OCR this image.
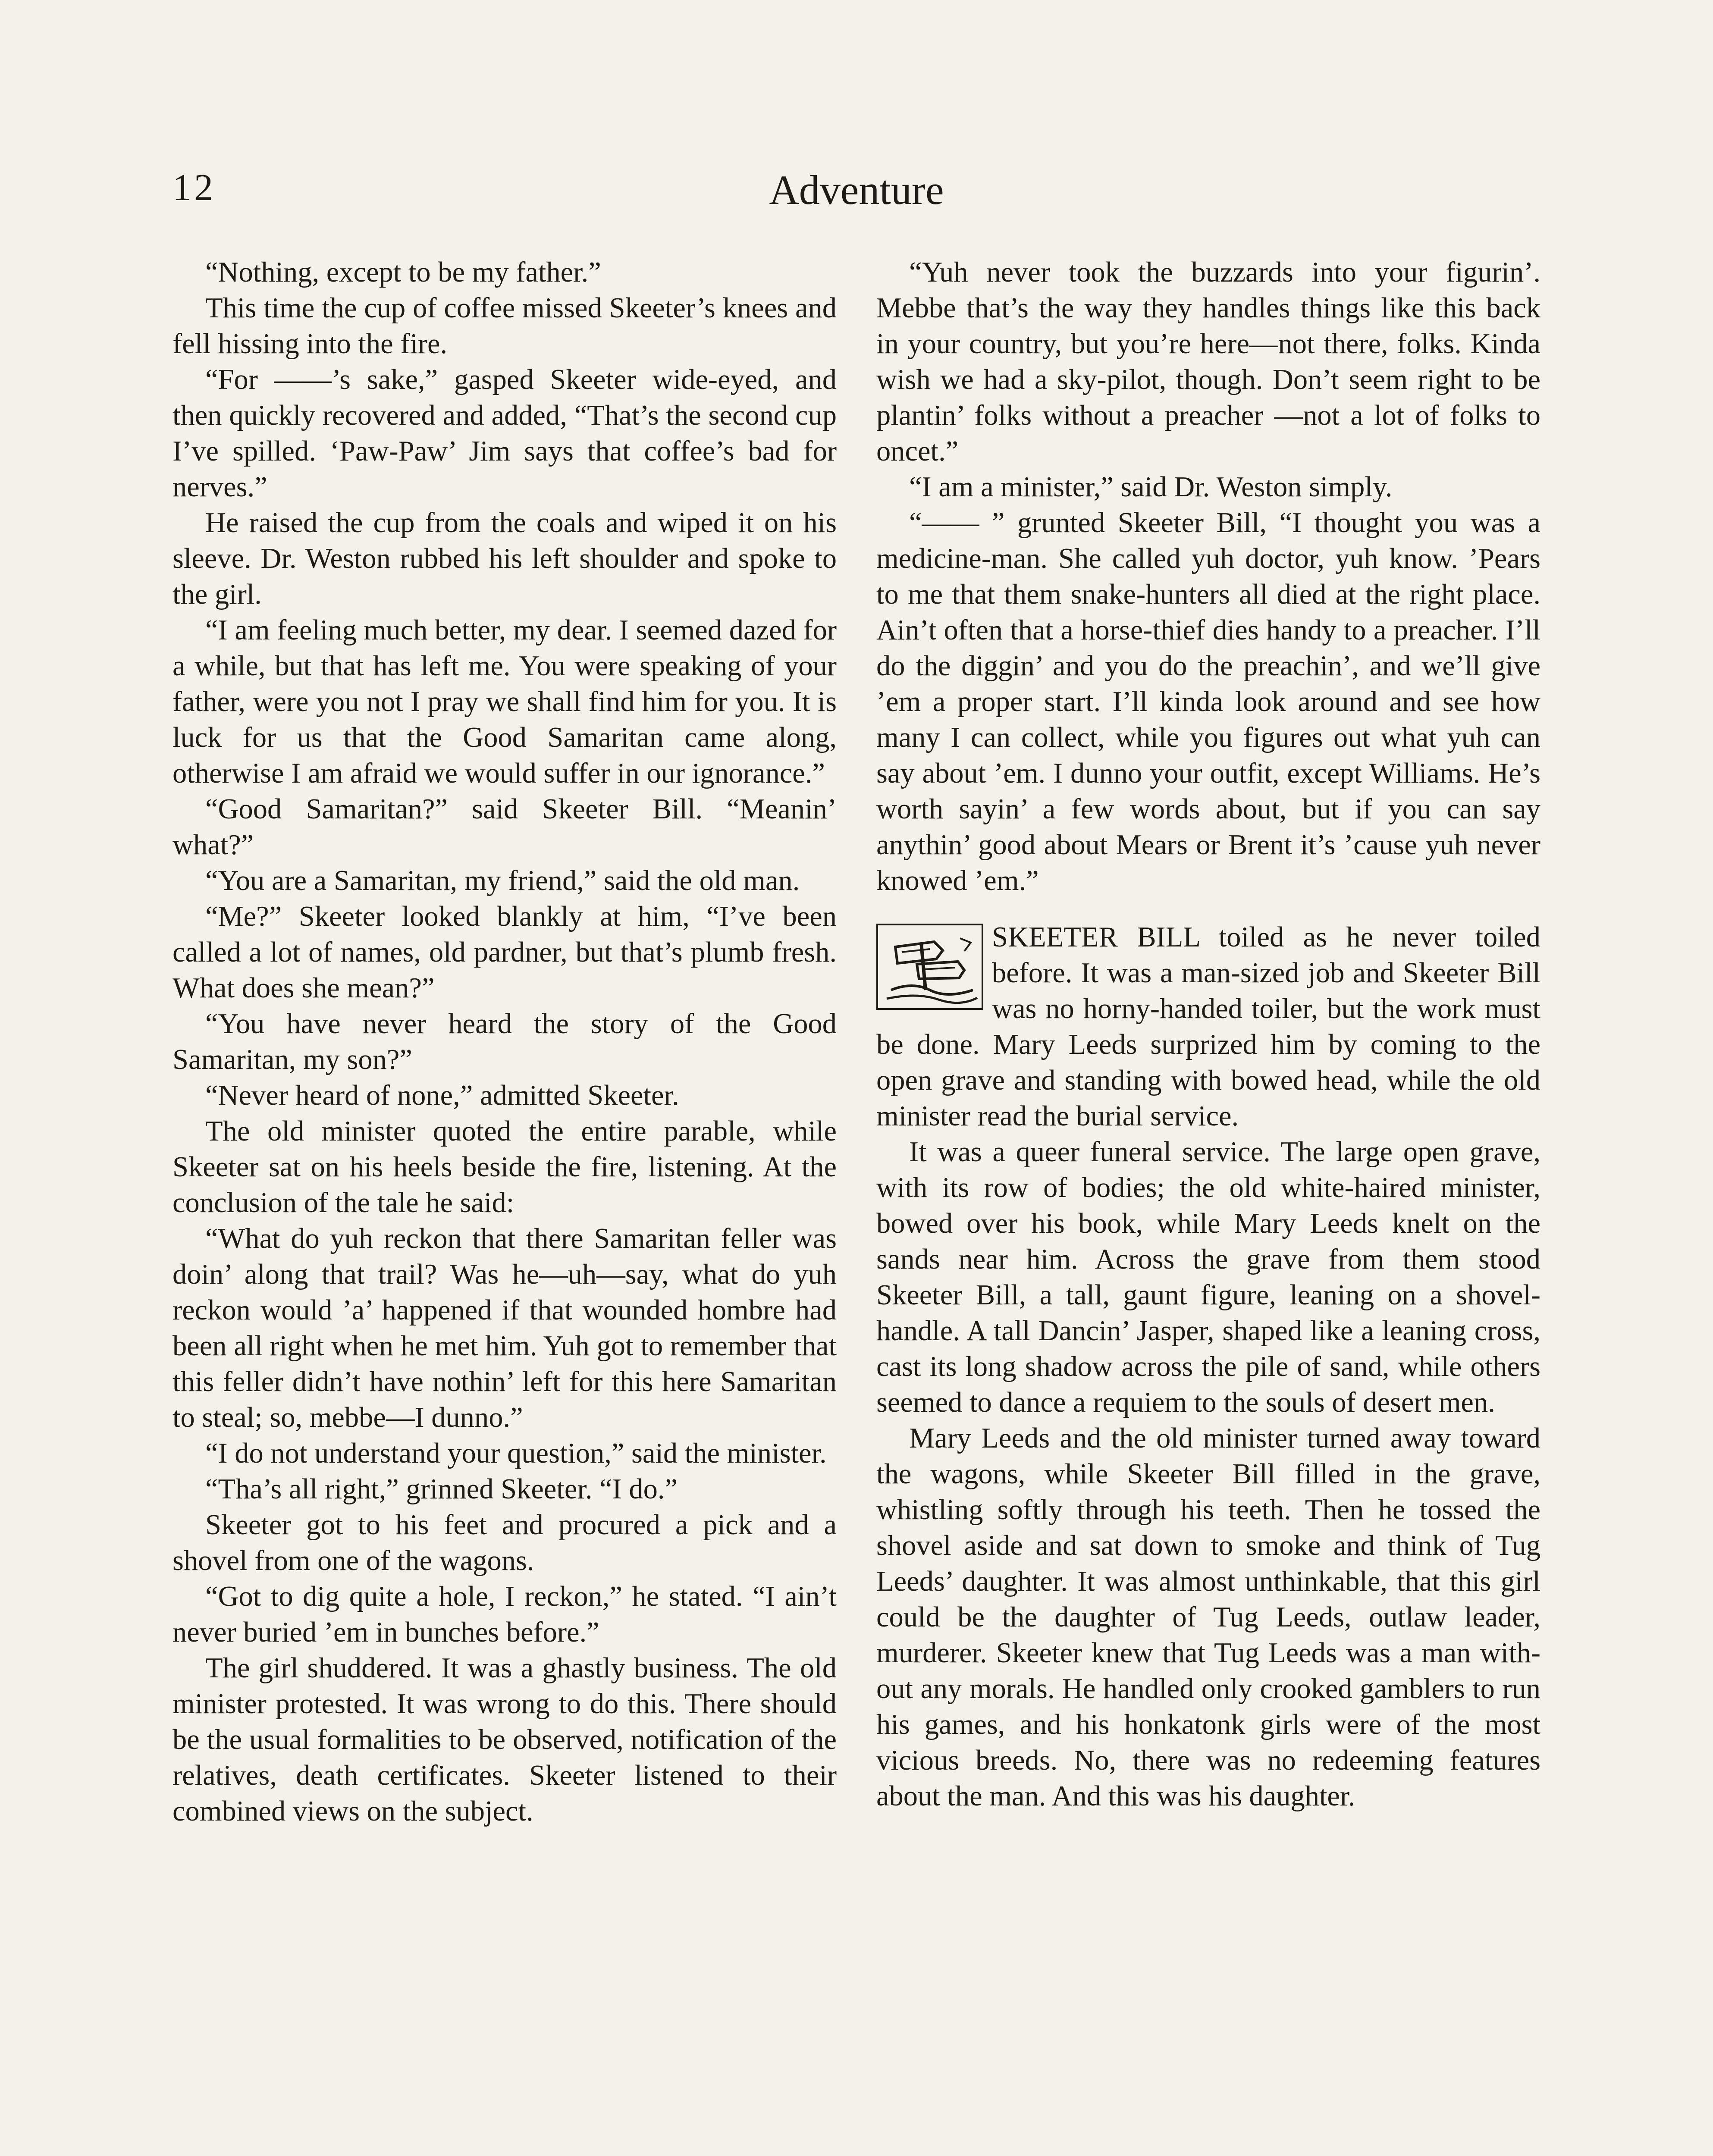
12	Adventure

“Nothing, except to be my father.”

This time the cup of coffee missed Skeeter’s knees and fell hissing into the fire.

“For ——’s sake,” gasped Skeeter wide-eyed, and then quickly recovered and added, “That’s the second cup I’ve spilled. ‘Paw-Paw’ Jim says that coffee’s bad for nerves.”

He raised the cup from the coals and wiped it on his sleeve. Dr. Weston rubbed his left shoulder and spoke to the girl.

“I am feeling much better, my dear. I seemed dazed for a while, but that has left me. You were speaking of your father, were you not I pray we shall find him for you. It is luck for us that the Good Samaritan came along, otherwise I am afraid we would suffer in our ignorance.”

“Good Samaritan?” said Skeeter Bill. “Meanin’ what?”

“You are a Samaritan, my friend,” said the old man.

“Me?” Skeeter looked blankly at him, “I’ve been called a lot of names, old pardner, but that’s plumb fresh. What does she mean?”

“You have never heard the story of the Good Samaritan, my son?”

“Never heard of none,” admitted Skeeter.

The old minister quoted the entire parable, while Skeeter sat on his heels beside the fire, listening. At the conclusion of the tale he said:

“What do yuh reckon that there Samaritan feller was doin’ along that trail? Was he—uh—say, what do yuh reckon would ’a’ happened if that wounded hombre had been all right when he met him. Yuh got to remember that this feller didn’t have nothin’ left for this here Samaritan to steal; so, mebbe—I dunno.”

“I do not understand your question,” said the minister.

“Tha’s all right,” grinned Skeeter. “I do.”

Skeeter got to his feet and procured a pick and a shovel from one of the wagons.

“Got to dig quite a hole, I reckon,” he stated. “I ain’t never buried ’em in bunches before.”

The girl shuddered. It was a ghastly business. The old minister protested. It was wrong to do this. There should be the usual formalities to be observed, notification of the relatives, death certificates. Skeeter listened to their combined views on the subject.

“Yuh never took the buzzards into your figurin’. Mebbe that’s the way they handles things like this back in your country, but you’re here—not there, folks. Kinda wish we had a sky-pilot, though. Don’t seem right to be plantin’ folks without a preacher —not a lot of folks to oncet.”

“I am a minister,” said Dr. Weston simply.

“—— ” grunted Skeeter Bill, “I thought you was a medicine-man. She called yuh doctor, yuh know. ’Pears to me that them snake-hunters all died at the right place. Ain’t often that a horse-thief dies handy to a preacher. I’ll do the diggin’ and you do the preachin’, and we’ll give ’em a proper start. I’ll kinda look around and see how many I can collect, while you figures out what yuh can say about ’em. I dunno your outfit, except Williams. He’s worth sayin’ a few words about, but if you can say anythin’ good about Mears or Brent it’s ’cause yuh never knowed ’em.”

SKEETER BILL toiled as he never toiled before. It was a man-sized job and Skeeter Bill was no horny-handed toiler, but the work must be done. Mary Leeds surprized him by coming to the open grave and standing with bowed head, while the old minister read the burial service.

It was a queer funeral service. The large open grave, with its row of bodies; the old white-haired minister, bowed over his book, while Mary Leeds knelt on the sands near him. Across the grave from them stood Skeeter Bill, a tall, gaunt figure, leaning on a shovel-handle. A tall Dancin’ Jasper, shaped like a leaning cross, cast its long shadow across the pile of sand, while others seemed to dance a requiem to the souls of desert men.

Mary Leeds and the old minister turned away toward the wagons, while Skeeter Bill filled in the grave, whistling softly through his teeth. Then he tossed the shovel aside and sat down to smoke and think of Tug Leeds’ daughter. It was almost unthinkable, that this girl could be the daughter of Tug Leeds, outlaw leader, murderer. Skeeter knew that Tug Leeds was a man without any morals. He handled only crooked gamblers to run his games, and his honkatonk girls were of the most vicious breeds. No, there was no redeeming features about the man. And this was his daughter.
